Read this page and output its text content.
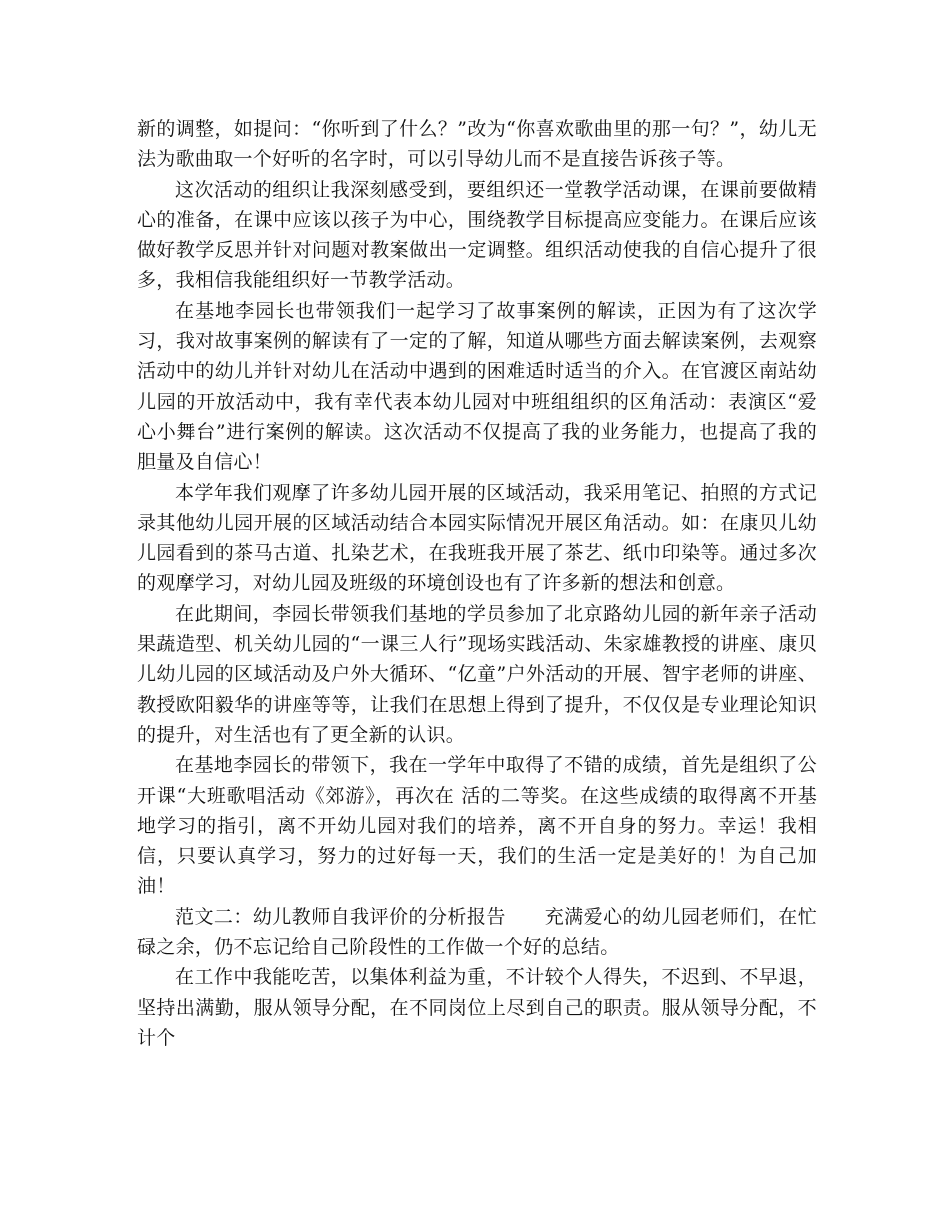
新的调整，如提问：“你听到了什么？”改为“你喜欢歌曲里的那一句？”，幼儿无法为歌曲取一个好听的名字时，可以引导幼儿而不是直接告诉孩子等。

这次活动的组织让我深刻感受到，要组织还一堂教学活动课，在课前要做精心的准备，在课中应该以孩子为中心，围绕教学目标提高应变能力。在课后应该做好教学反思并针对问题对教案做出一定调整。组织活动使我的自信心提升了很多，我相信我能组织好一节教学活动。

在基地李园长也带领我们一起学习了故事案例的解读，正因为有了这次学习，我对故事案例的解读有了一定的了解，知道从哪些方面去解读案例，去观察活动中的幼儿并针对幼儿在活动中遇到的困难适时适当的介入。在官渡区南站幼儿园的开放活动中，我有幸代表本幼儿园对中班组组织的区角活动：表演区“爱心小舞台”进行案例的解读。这次活动不仅提高了我的业务能力，也提高了我的胆量及自信心！

本学年我们观摩了许多幼儿园开展的区域活动，我采用笔记、拍照的方式记录其他幼儿园开展的区域活动结合本园实际情况开展区角活动。如：在康贝儿幼儿园看到的茶马古道、扎染艺术，在我班我开展了茶艺、纸巾印染等。通过多次的观摩学习，对幼儿园及班级的环境创设也有了许多新的想法和创意。

在此期间，李园长带领我们基地的学员参加了北京路幼儿园的新年亲子活动果蔬造型、机关幼儿园的“一课三人行”现场实践活动、朱家雄教授的讲座、康贝儿幼儿园的区域活动及户外大循环、“亿童”户外活动的开展、智宇老师的讲座、教授欧阳毅华的讲座等等，让我们在思想上得到了提升，不仅仅是专业理论知识的提升，对生活也有了更全新的认识。

在基地李园长的带领下，我在一学年中取得了不错的成绩，首先是组织了公开课“大班歌唱活动《郊游》，再次在 活的二等奖。在这些成绩的取得离不开基地学习的指引，离不开幼儿园对我们的培养，离不开自身的努力。幸运！我相信，只要认真学习，努力的过好每一天，我们的生活一定是美好的！为自己加油！

范文二：幼儿教师自我评价的分析报告　　充满爱心的幼儿园老师们，在忙碌之余，仍不忘记给自己阶段性的工作做一个好的总结。

在工作中我能吃苦，以集体利益为重，不计较个人得失，不迟到、不早退，坚持出满勤，服从领导分配，在不同岗位上尽到自己的职责。服从领导分配，不计个
